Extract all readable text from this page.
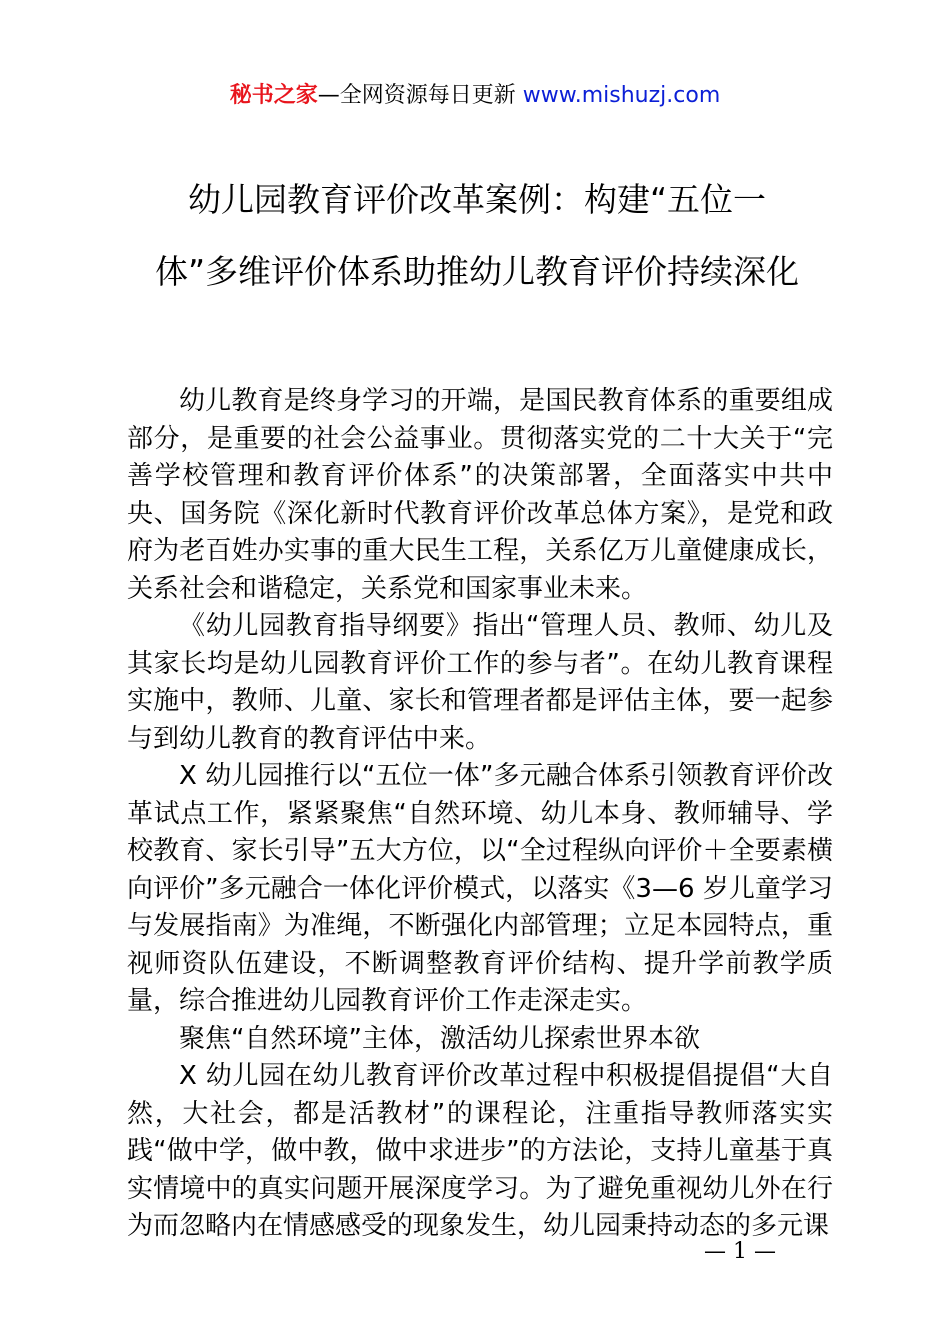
秘书之家—全网资源每日更新 www.mishuzj.com
幼儿园教育评价改革案例：构建“五位一
体”多维评价体系助推幼儿教育评价持续深化

幼儿教育是终身学习的开端，是国民教育体系的重要组成部分，是重要的社会公益事业。贯彻落实党的二十大关于“完善学校管理和教育评价体系”的决策部署，全面落实中共中央、国务院《深化新时代教育评价改革总体方案》，是党和政府为老百姓办实事的重大民生工程，关系亿万儿童健康成长，关系社会和谐稳定，关系党和国家事业未来。

《幼儿园教育指导纲要》指出“管理人员、教师、幼儿及其家长均是幼儿园教育评价工作的参与者”。在幼儿教育课程实施中，教师、儿童、家长和管理者都是评估主体，要一起参与到幼儿教育的教育评估中来。

X 幼儿园推行以“五位一体”多元融合体系引领教育评价改革试点工作，紧紧聚焦“自然环境、幼儿本身、教师辅导、学校教育、家长引导”五大方位，以“全过程纵向评价＋全要素横向评价”多元融合一体化评价模式，以落实《3—6 岁儿童学习与发展指南》为准绳，不断强化内部管理；立足本园特点，重视师资队伍建设，不断调整教育评价结构、提升学前教学质量，综合推进幼儿园教育评价工作走深走实。

聚焦“自然环境”主体，激活幼儿探索世界本欲

X 幼儿园在幼儿教育评价改革过程中积极提倡提倡“大自然，大社会，都是活教材”的课程论，注重指导教师落实实践“做中学，做中教，做中求进步”的方法论，支持儿童基于真实情境中的真实问题开展深度学习。为了避免重视幼儿外在行为而忽略内在情感感受的现象发生，幼儿园秉持动态的多元课

— 1 —
